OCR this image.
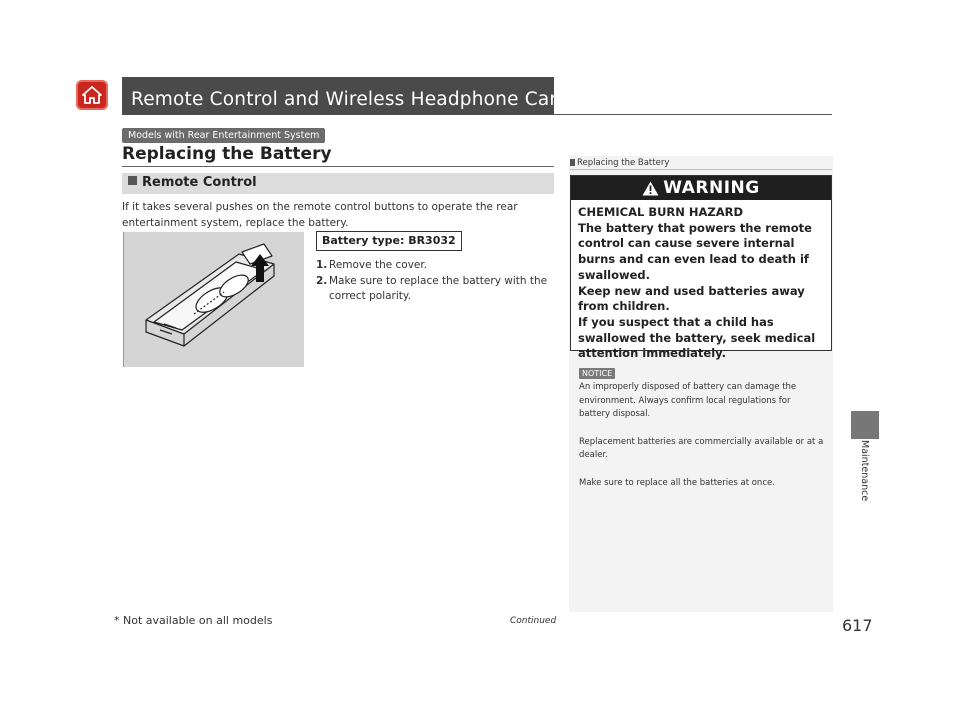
Remote Control and Wireless Headphone Care *
Models with Rear Entertainment System
Replacing the Battery
Remote Control
If it takes several pushes on the remote control buttons to operate the rear entertainment system, replace the battery.
Battery type: BR3032
1. Remove the cover.
2. Make sure to replace the battery with the correct polarity.
Replacing the Battery
WARNING
CHEMICAL BURN HAZARD
The battery that powers the remote control can cause severe internal burns and can even lead to death if swallowed.
Keep new and used batteries away from children.
If you suspect that a child has swallowed the battery, seek medical attention immediately.
NOTICE

An improperly disposed of battery can damage the environment. Always confirm local regulations for battery disposal.

Replacement batteries are commercially available or at a dealer.

Make sure to replace all the batteries at once.	Maintenance
* Not available on all models	Continued	617
